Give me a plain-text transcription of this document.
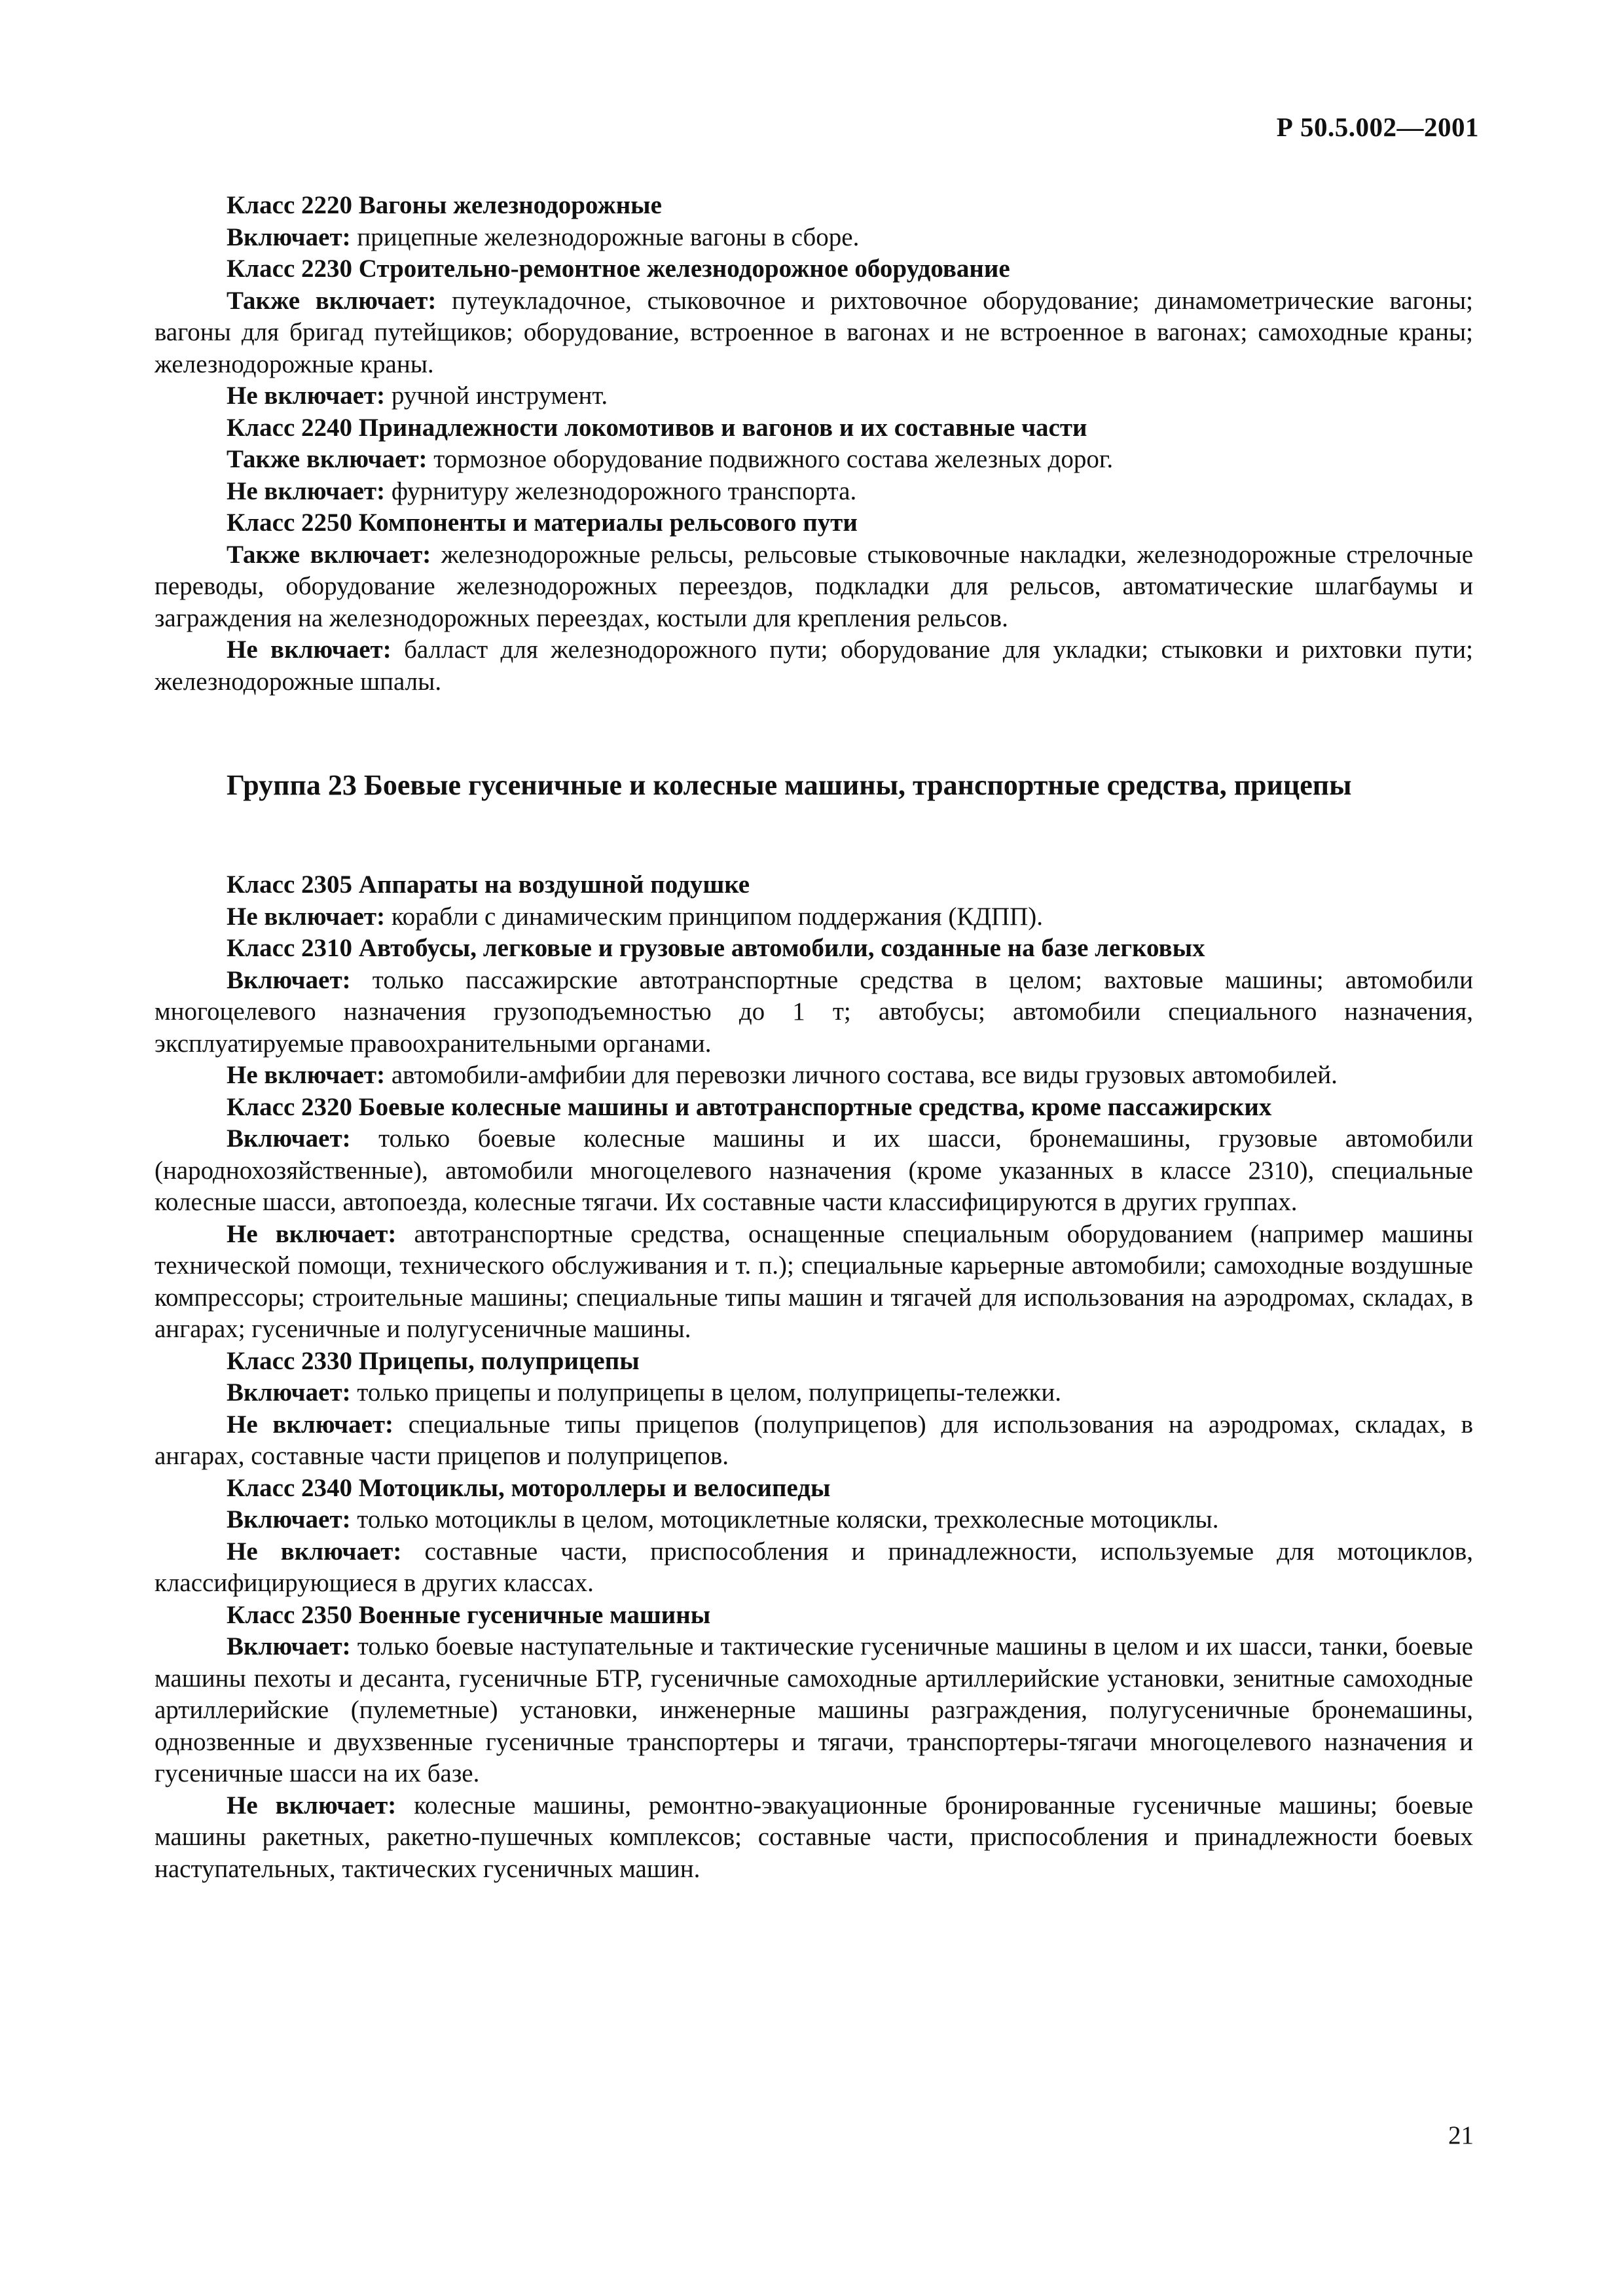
Р 50.5.002—2001

Класс 2220 Вагоны железнодорожные

Включает: прицепные железнодорожные вагоны в сборе.

Класс 2230 Строительно-ремонтное железнодорожное оборудование

Также включает: путеукладочное, стыковочное и рихтовочное оборудование; динамометрические вагоны; вагоны для бригад путейщиков; оборудование, встроенное в вагонах и не встроенное в вагонах; самоходные краны; железнодорожные краны.

Не включает: ручной инструмент.

Класс 2240 Принадлежности локомотивов и вагонов и их составные части

Также включает: тормозное оборудование подвижного состава железных дорог.

Не включает: фурнитуру железнодорожного транспорта.

Класс 2250 Компоненты и материалы рельсового пути

Также включает: железнодорожные рельсы, рельсовые стыковочные накладки, железнодорожные стрелочные переводы, оборудование железнодорожных переездов, подкладки для рельсов, автоматические шлагбаумы и заграждения на железнодорожных переездах, костыли для крепления рельсов.

Не включает: балласт для железнодорожного пути; оборудование для укладки; стыковки и рихтовки пути; железнодорожные шпалы.

Группа 23 Боевые гусеничные и колесные машины, транспортные средства, прицепы

Класс 2305 Аппараты на воздушной подушке

Не включает: корабли с динамическим принципом поддержания (КДПП).

Класс 2310 Автобусы, легковые и грузовые автомобили, созданные на базе легковых

Включает: только пассажирские автотранспортные средства в целом; вахтовые машины; автомобили многоцелевого назначения грузоподъемностью до 1 т; автобусы; автомобили специального назначения, эксплуатируемые правоохранительными органами.

Не включает: автомобили-амфибии для перевозки личного состава, все виды грузовых автомобилей.

Класс 2320 Боевые колесные машины и автотранспортные средства, кроме пассажирских

Включает: только боевые колесные машины и их шасси, бронемашины, грузовые автомобили (народнохозяйственные), автомобили многоцелевого назначения (кроме указанных в классе 2310), специальные колесные шасси, автопоезда, колесные тягачи. Их составные части классифицируются в других группах.

Не включает: автотранспортные средства, оснащенные специальным оборудованием (например машины технической помощи, технического обслуживания и т. п.); специальные карьерные автомобили; самоходные воздушные компрессоры; строительные машины; специальные типы машин и тягачей для использования на аэродромах, складах, в ангарах; гусеничные и полугусеничные машины.

Класс 2330 Прицепы, полуприцепы

Включает: только прицепы и полуприцепы в целом, полуприцепы-тележки.

Не включает: специальные типы прицепов (полуприцепов) для использования на аэродромах, складах, в ангарах, составные части прицепов и полуприцепов.

Класс 2340 Мотоциклы, мотороллеры и велосипеды

Включает: только мотоциклы в целом, мотоциклетные коляски, трехколесные мотоциклы.

Не включает: составные части, приспособления и принадлежности, используемые для мотоциклов, классифицирующиеся в других классах.

Класс 2350 Военные гусеничные машины

Включает: только боевые наступательные и тактические гусеничные машины в целом и их шасси, танки, боевые машины пехоты и десанта, гусеничные БТР, гусеничные самоходные артиллерийские установки, зенитные самоходные артиллерийские (пулеметные) установки, инженерные машины разграждения, полугусеничные бронемашины, однозвенные и двухзвенные гусеничные транспортеры и тягачи, транспортеры-тягачи многоцелевого назначения и гусеничные шасси на их базе.

Не включает: колесные машины, ремонтно-эвакуационные бронированные гусеничные машины; боевые машины ракетных, ракетно-пушечных комплексов; составные части, приспособления и принадлежности боевых наступательных, тактических гусеничных машин.

21
